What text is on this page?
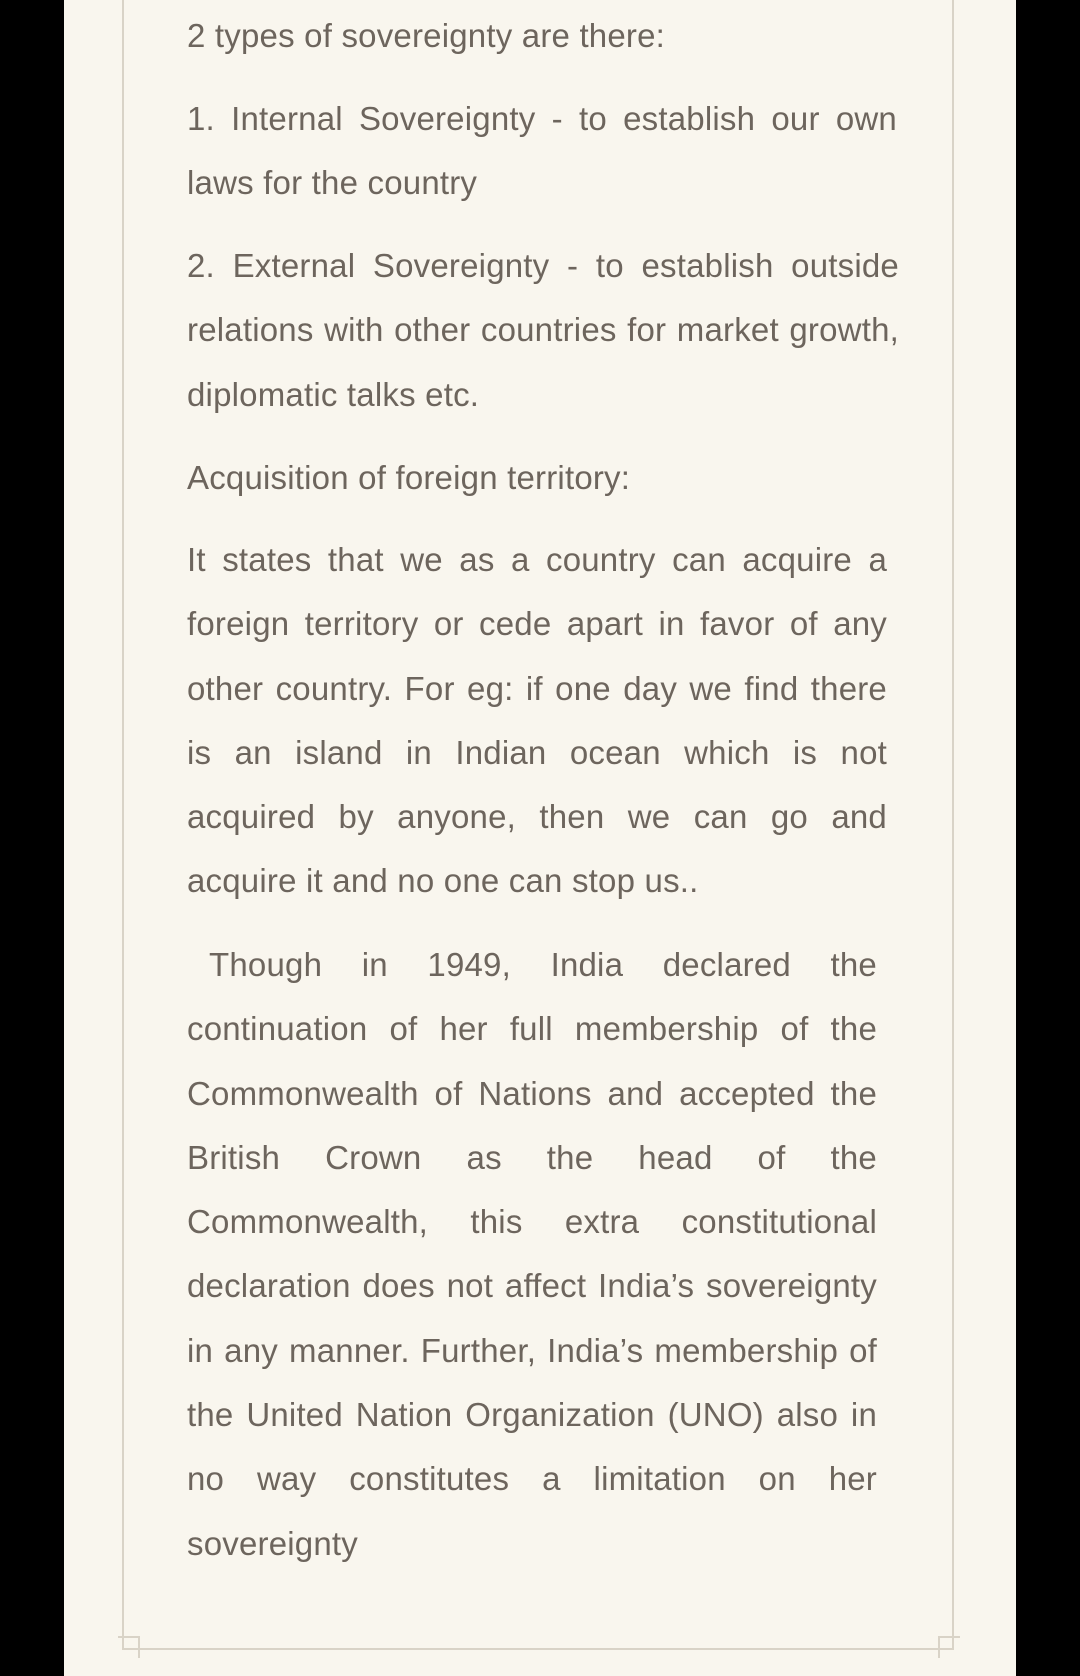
2 types of sovereignty are there:

1. Internal Sovereignty - to establish our own laws for the country

2. External Sovereignty - to establish outside relations with other countries for market growth, diplomatic talks etc.

Acquisition of foreign territory:

It states that we as a country can acquire a foreign territory or cede apart in favor of any other country. For eg: if one day we find there is an island in Indian ocean which is not acquired by anyone, then we can go and acquire it and no one can stop us..

Though in 1949, India declared the continuation of her full membership of the Commonwealth of Nations and accepted the British Crown as the head of the Commonwealth, this extra constitutional declaration does not affect India’s sovereignty in any manner. Further, India’s membership of the United Nation Organization (UNO) also in no way constitutes a limitation on her sovereignty
